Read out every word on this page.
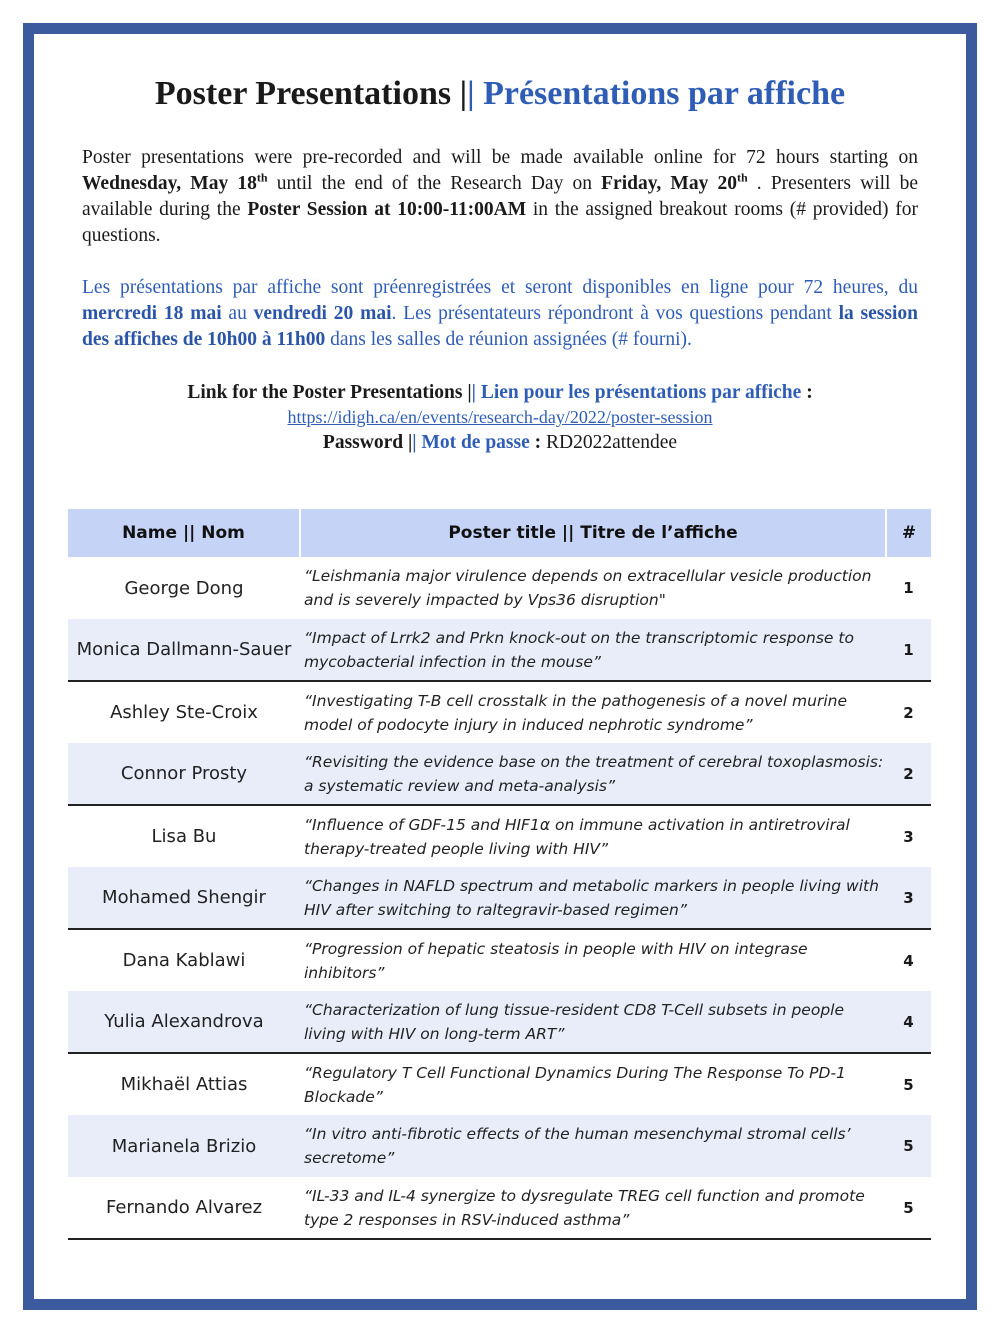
Poster Presentations || Présentations par affiche
Poster presentations were pre-recorded and will be made available online for 72 hours starting on Wednesday, May 18th until the end of the Research Day on Friday, May 20th . Presenters will be available during the Poster Session at 10:00-11:00AM in the assigned breakout rooms (# provided) for questions.
Les présentations par affiche sont préenregistrées et seront disponibles en ligne pour 72 heures, du mercredi 18 mai au vendredi 20 mai. Les présentateurs répondront à vos questions pendant la session des affiches de 10h00 à 11h00 dans les salles de réunion assignées (# fourni).
Link for the Poster Presentations || Lien pour les présentations par affiche :
https://idigh.ca/en/events/research-day/2022/poster-session
Password || Mot de passe : RD2022attendee
Name || Nom	Poster title || Titre de l’affiche	#
George Dong	“Leishmania major virulence depends on extracellular vesicle production and is severely impacted by Vps36 disruption"	1
Monica Dallmann-Sauer	“Impact of Lrrk2 and Prkn knock-out on the transcriptomic response to mycobacterial infection in the mouse”	1
Ashley Ste-Croix	“Investigating T-B cell crosstalk in the pathogenesis of a novel murine model of podocyte injury in induced nephrotic syndrome”	2
Connor Prosty	“Revisiting the evidence base on the treatment of cerebral toxoplasmosis: a systematic review and meta-analysis”	2
Lisa Bu	“Influence of GDF-15 and HIF1α on immune activation in antiretroviral therapy-treated people living with HIV”	3
Mohamed Shengir	“Changes in NAFLD spectrum and metabolic markers in people living with HIV after switching to raltegravir-based regimen”	3
Dana Kablawi	“Progression of hepatic steatosis in people with HIV on integrase inhibitors”	4
Yulia Alexandrova	“Characterization of lung tissue-resident CD8 T-Cell subsets in people living with HIV on long-term ART”	4
Mikhaël Attias	“Regulatory T Cell Functional Dynamics During The Response To PD-1 Blockade”	5
Marianela Brizio	“In vitro anti-fibrotic effects of the human mesenchymal stromal cells’ secretome”	5
Fernando Alvarez	“IL-33 and IL-4 synergize to dysregulate TREG cell function and promote type 2 responses in RSV-induced asthma”	5
